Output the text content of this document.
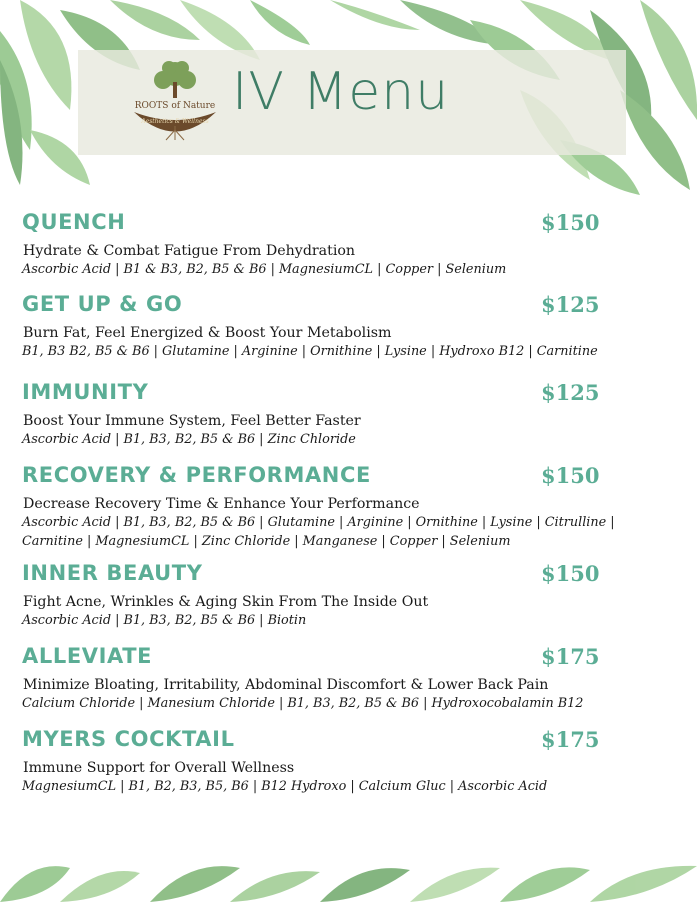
ROOTS of Nature
Aesthetics & Wellness IV Menu
QUENCH	$150
Hydrate & Combat Fatigue From Dehydration
Ascorbic Acid | B1 & B3, B2, B5 & B6 | MagnesiumCL | Copper | Selenium
GET UP & GO	$125
Burn Fat, Feel Energized & Boost Your Metabolism
B1, B3 B2, B5 & B6 | Glutamine | Arginine | Ornithine | Lysine | Hydroxo B12 | Carnitine
IMMUNITY	$125
Boost Your Immune System, Feel Better Faster
Ascorbic Acid | B1, B3, B2, B5 & B6 | Zinc Chloride
RECOVERY & PERFORMANCE	$150
Decrease Recovery Time & Enhance Your Performance
Ascorbic Acid | B1, B3, B2, B5 & B6 | Glutamine | Arginine | Ornithine | Lysine | Citrulline | Carnitine | MagnesiumCL | Zinc Chloride | Manganese | Copper | Selenium
INNER BEAUTY	$150
Fight Acne, Wrinkles & Aging Skin From The Inside Out
Ascorbic Acid | B1, B3, B2, B5 & B6 | Biotin
ALLEVIATE	$175
Minimize Bloating, Irritability, Abdominal Discomfort & Lower Back Pain
Calcium Chloride | Manesium Chloride | B1, B3, B2, B5 & B6 | Hydroxocobalamin B12
MYERS COCKTAIL	$175
Immune Support for Overall Wellness
MagnesiumCL | B1, B2, B3, B5, B6 | B12 Hydroxo | Calcium Gluc | Ascorbic Acid
